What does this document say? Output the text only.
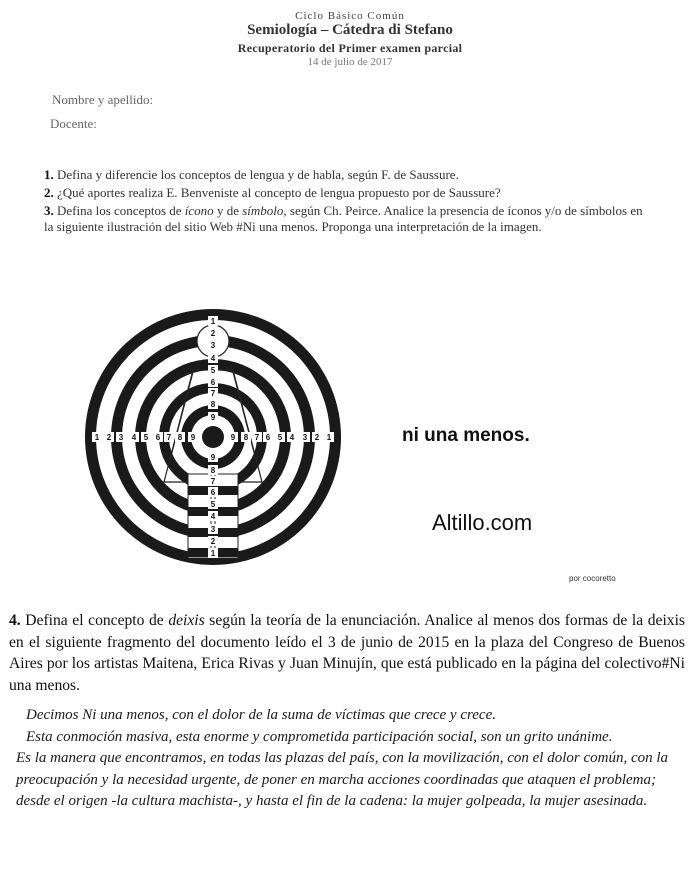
Ciclo Básico Común
Semiología – Cátedra di Stefano
Recuperatorio del Primer examen parcial
14 de julio de 2017
Nombre y apellido:
Docente:
1. Defina y diferencie los conceptos de lengua y de habla, según F. de Saussure.
2. ¿Qué aportes realiza E. Benveniste al concepto de lengua propuesto por de Saussure?
3. Defina los conceptos de ícono y de símbolo, según Ch. Peirce. Analice la presencia de íconos y/o de símbolos en la siguiente ilustración del sitio Web #Ni una menos. Proponga una interpretación de la imagen.
1 2 3 4 5 6 7 8 9	9 8 7 6 5 4 3 2 1
1
2
3
4
5
6
7
8
9
9
8
7
6
5
4
3
2
1
ni una menos.
Altillo.com
por cocoretto
4. Defina el concepto de deixis según la teoría de la enunciación. Analice al menos dos formas de la deixis en el siguiente fragmento del documento leído el 3 de junio de 2015 en la plaza del Congreso de Buenos Aires por los artistas Maitena, Erica Rivas y Juan Minujín, que está publicado en la página del colectivo#Ni una menos.

Decimos Ni una menos, con el dolor de la suma de víctimas que crece y crece.

Esta conmoción masiva, esta enorme y comprometida participación social, son un grito unánime.

Es la manera que encontramos, en todas las plazas del país, con la movilización, con el dolor común, con la preocupación y la necesidad urgente, de poner en marcha acciones coordinadas que ataquen el problema; desde el origen -la cultura machista-, y hasta el fin de la cadena: la mujer golpeada, la mujer asesinada.
